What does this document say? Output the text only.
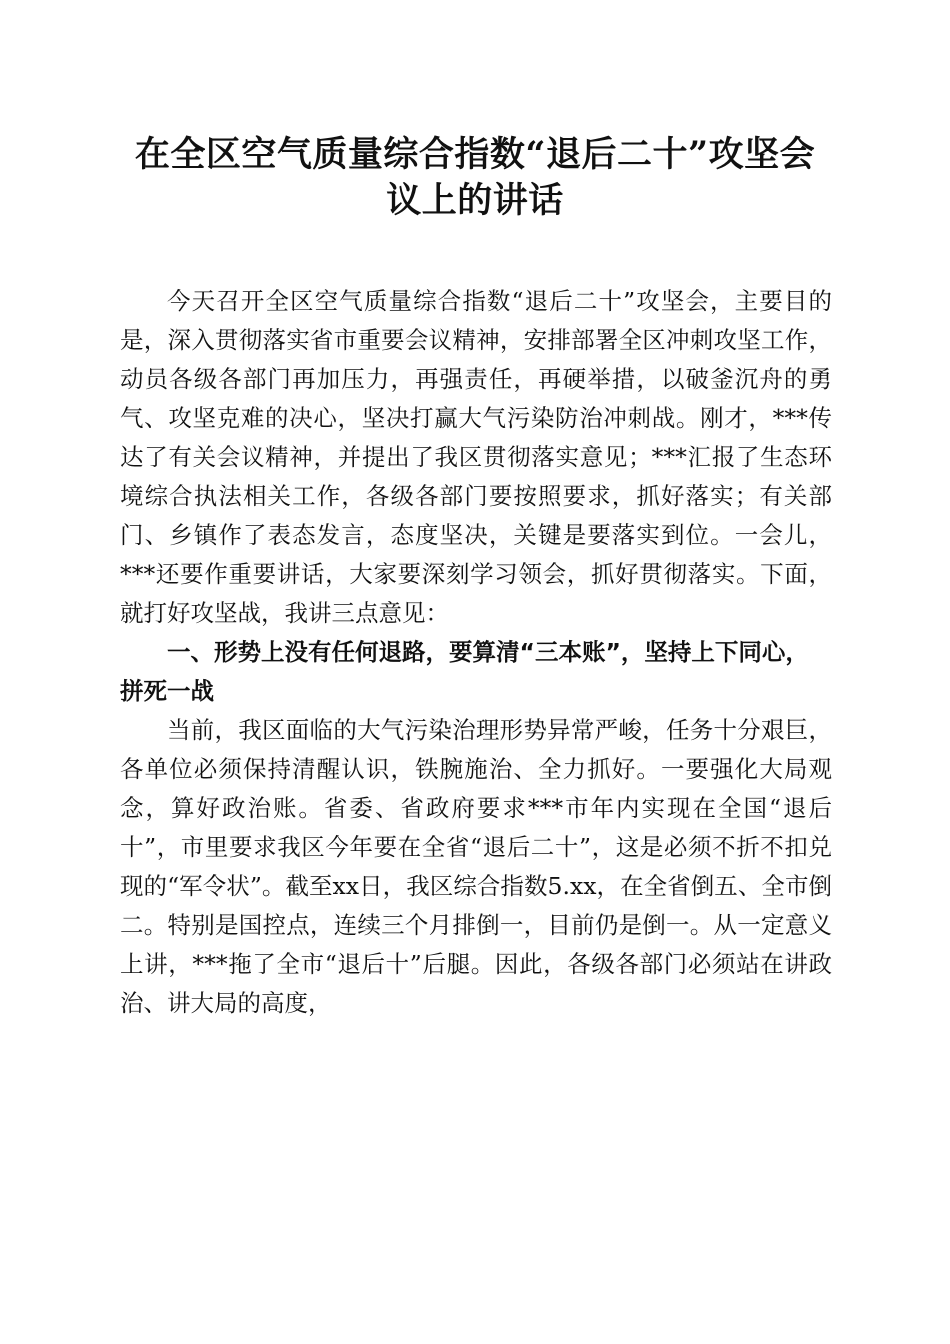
在全区空气质量综合指数“退后二十”攻坚会
议上的讲话

今天召开全区空气质量综合指数“退后二十”攻坚会，主要目的是，深入贯彻落实省市重要会议精神，安排部署全区冲刺攻坚工作，动员各级各部门再加压力，再强责任，再硬举措，以破釜沉舟的勇气、攻坚克难的决心，坚决打赢大气污染防治冲刺战。刚才，***传达了有关会议精神，并提出了我区贯彻落实意见；***汇报了生态环境综合执法相关工作，各级各部门要按照要求，抓好落实；有关部门、乡镇作了表态发言，态度坚决，关键是要落实到位。一会儿，***还要作重要讲话，大家要深刻学习领会，抓好贯彻落实。下面，就打好攻坚战，我讲三点意见：

一、形势上没有任何退路，要算清“三本账”，坚持上下同心，拼死一战

当前，我区面临的大气污染治理形势异常严峻，任务十分艰巨，各单位必须保持清醒认识，铁腕施治、全力抓好。一要强化大局观念，算好政治账。省委、省政府要求***市年内实现在全国“退后十”，市里要求我区今年要在全省“退后二十”，这是必须不折不扣兑现的“军令状”。截至xx日，我区综合指数5.xx，在全省倒五、全市倒二。特别是国控点，连续三个月排倒一，目前仍是倒一。从一定意义上讲，***拖了全市“退后十”后腿。因此，各级各部门必须站在讲政治、讲大局的高度，
